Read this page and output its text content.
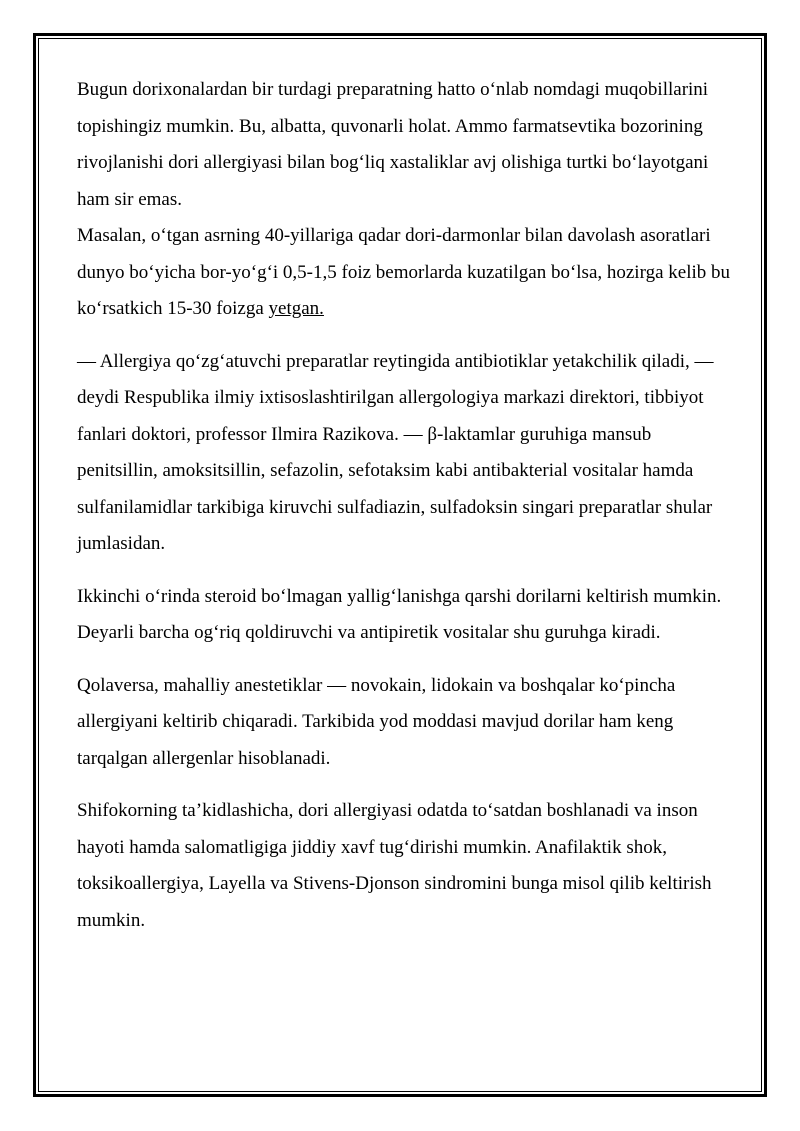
Bugun dorixonalardan bir turdagi preparatning hatto o‘nlab nomdagi muqobillarini topishingiz mumkin. Bu, albatta, quvonarli holat. Ammo farmatsevtika bozorining rivojlanishi dori allergiyasi bilan bog‘liq xastaliklar avj olishiga turtki bo‘layotgani ham sir emas.

Masalan, o‘tgan asrning 40-yillariga qadar dori-darmonlar bilan davolash asoratlari dunyo bo‘yicha bor-yo‘g‘i 0,5-1,5 foiz bemorlarda kuzatilgan bo‘lsa, hozirga kelib bu ko‘rsatkich 15-30 foizga yetgan.

— Allergiya qo‘zg‘atuvchi preparatlar reytingida antibiotiklar yetakchilik qiladi, — deydi Respublika ilmiy ixtisoslashtirilgan allergologiya markazi direktori, tibbiyot fanlari doktori, professor Ilmira Razikova. — β-laktamlar guruhiga mansub penitsillin, amoksitsillin, sefazolin, sefotaksim kabi antibakterial vositalar hamda sulfanilamidlar tarkibiga kiruvchi sulfadiazin, sulfadoksin singari preparatlar shular jumlasidan.

Ikkinchi o‘rinda steroid bo‘lmagan yallig‘lanishga qarshi dorilarni keltirish mumkin. Deyarli barcha og‘riq qoldiruvchi va antipiretik vositalar shu guruhga kiradi.

Qolaversa, mahalliy anestetiklar — novokain, lidokain va boshqalar ko‘pincha allergiyani keltirib chiqaradi. Tarkibida yod moddasi mavjud dorilar ham keng tarqalgan allergenlar hisoblanadi.

Shifokorning ta’kidlashicha, dori allergiyasi odatda to‘satdan boshlanadi va inson hayoti hamda salomatligiga jiddiy xavf tug‘dirishi mumkin. Anafilaktik shok, toksikoallergiya, Layella va Stivens-Djonson sindromini bunga misol qilib keltirish mumkin.
